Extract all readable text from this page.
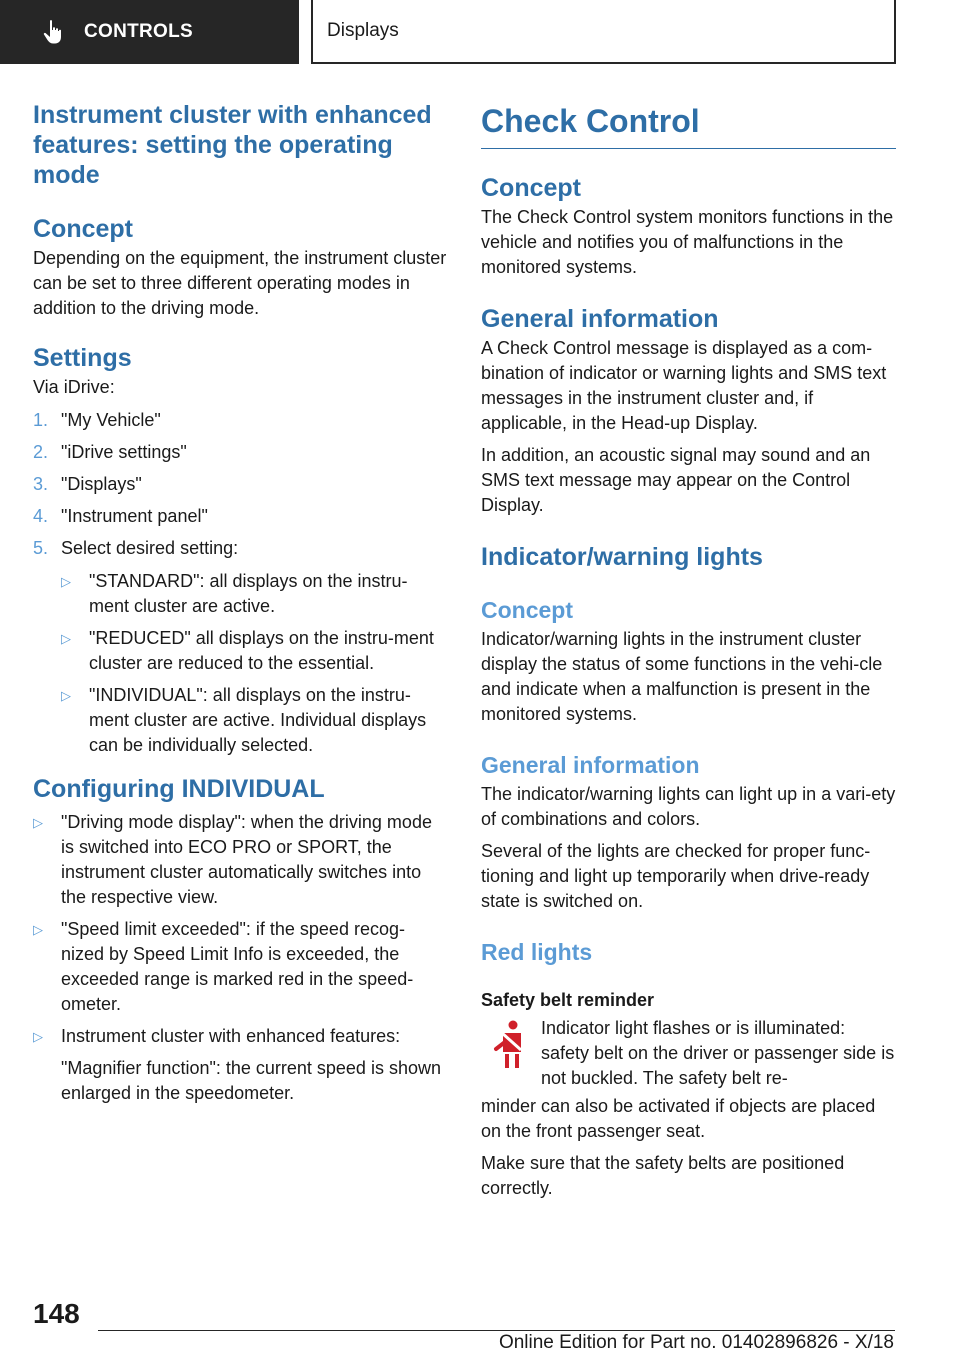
CONTROLS	Displays
Instrument cluster with enhanced features: setting the operating mode
Concept

Depending on the equipment, the instrument cluster can be set to three different operating modes in addition to the driving mode.

Settings

Via iDrive:

1. "My Vehicle"
2. "iDrive settings"
3. "Displays"
4. "Instrument panel"
5. Select desired setting:
▷	"STANDARD": all displays on the instru‐ment cluster are active.
▷	"REDUCED" all displays on the instru‐ment cluster are reduced to the essential.
▷	"INDIVIDUAL": all displays on the instru‐ment cluster are active. Individual displays can be individually selected.
Configuring INDIVIDUAL
▷	"Driving mode display": when the driving mode is switched into ECO PRO or SPORT, the instrument cluster automatically switches into the respective view.
▷	"Speed limit exceeded": if the speed recog‐nized by Speed Limit Info is exceeded, the exceeded range is marked red in the speed‐ometer.
▷	Instrument cluster with enhanced features:
"Magnifier function": the current speed is shown enlarged in the speedometer.
Check Control
Concept

The Check Control system monitors functions in the vehicle and notifies you of malfunctions in the monitored systems.

General information

A Check Control message is displayed as a com‐bination of indicator or warning lights and SMS text messages in the instrument cluster and, if applicable, in the Head-up Display.

In addition, an acoustic signal may sound and an SMS text message may appear on the Control Display.

Indicator/warning lights
Concept

Indicator/warning lights in the instrument cluster display the status of some functions in the vehi‐cle and indicate when a malfunction is present in the monitored systems.

General information

The indicator/warning lights can light up in a vari‐ety of combinations and colors.

Several of the lights are checked for proper func‐tioning and light up temporarily when drive-ready state is switched on.

Red lights
Safety belt reminder

Indicator light flashes or is illuminated: safety belt on the driver or passenger side is not buckled. The safety belt re‐

minder can also be activated if objects are placed on the front passenger seat.

Make sure that the safety belts are positioned correctly.

148
Online Edition for Part no. 01402896826 - X/18
